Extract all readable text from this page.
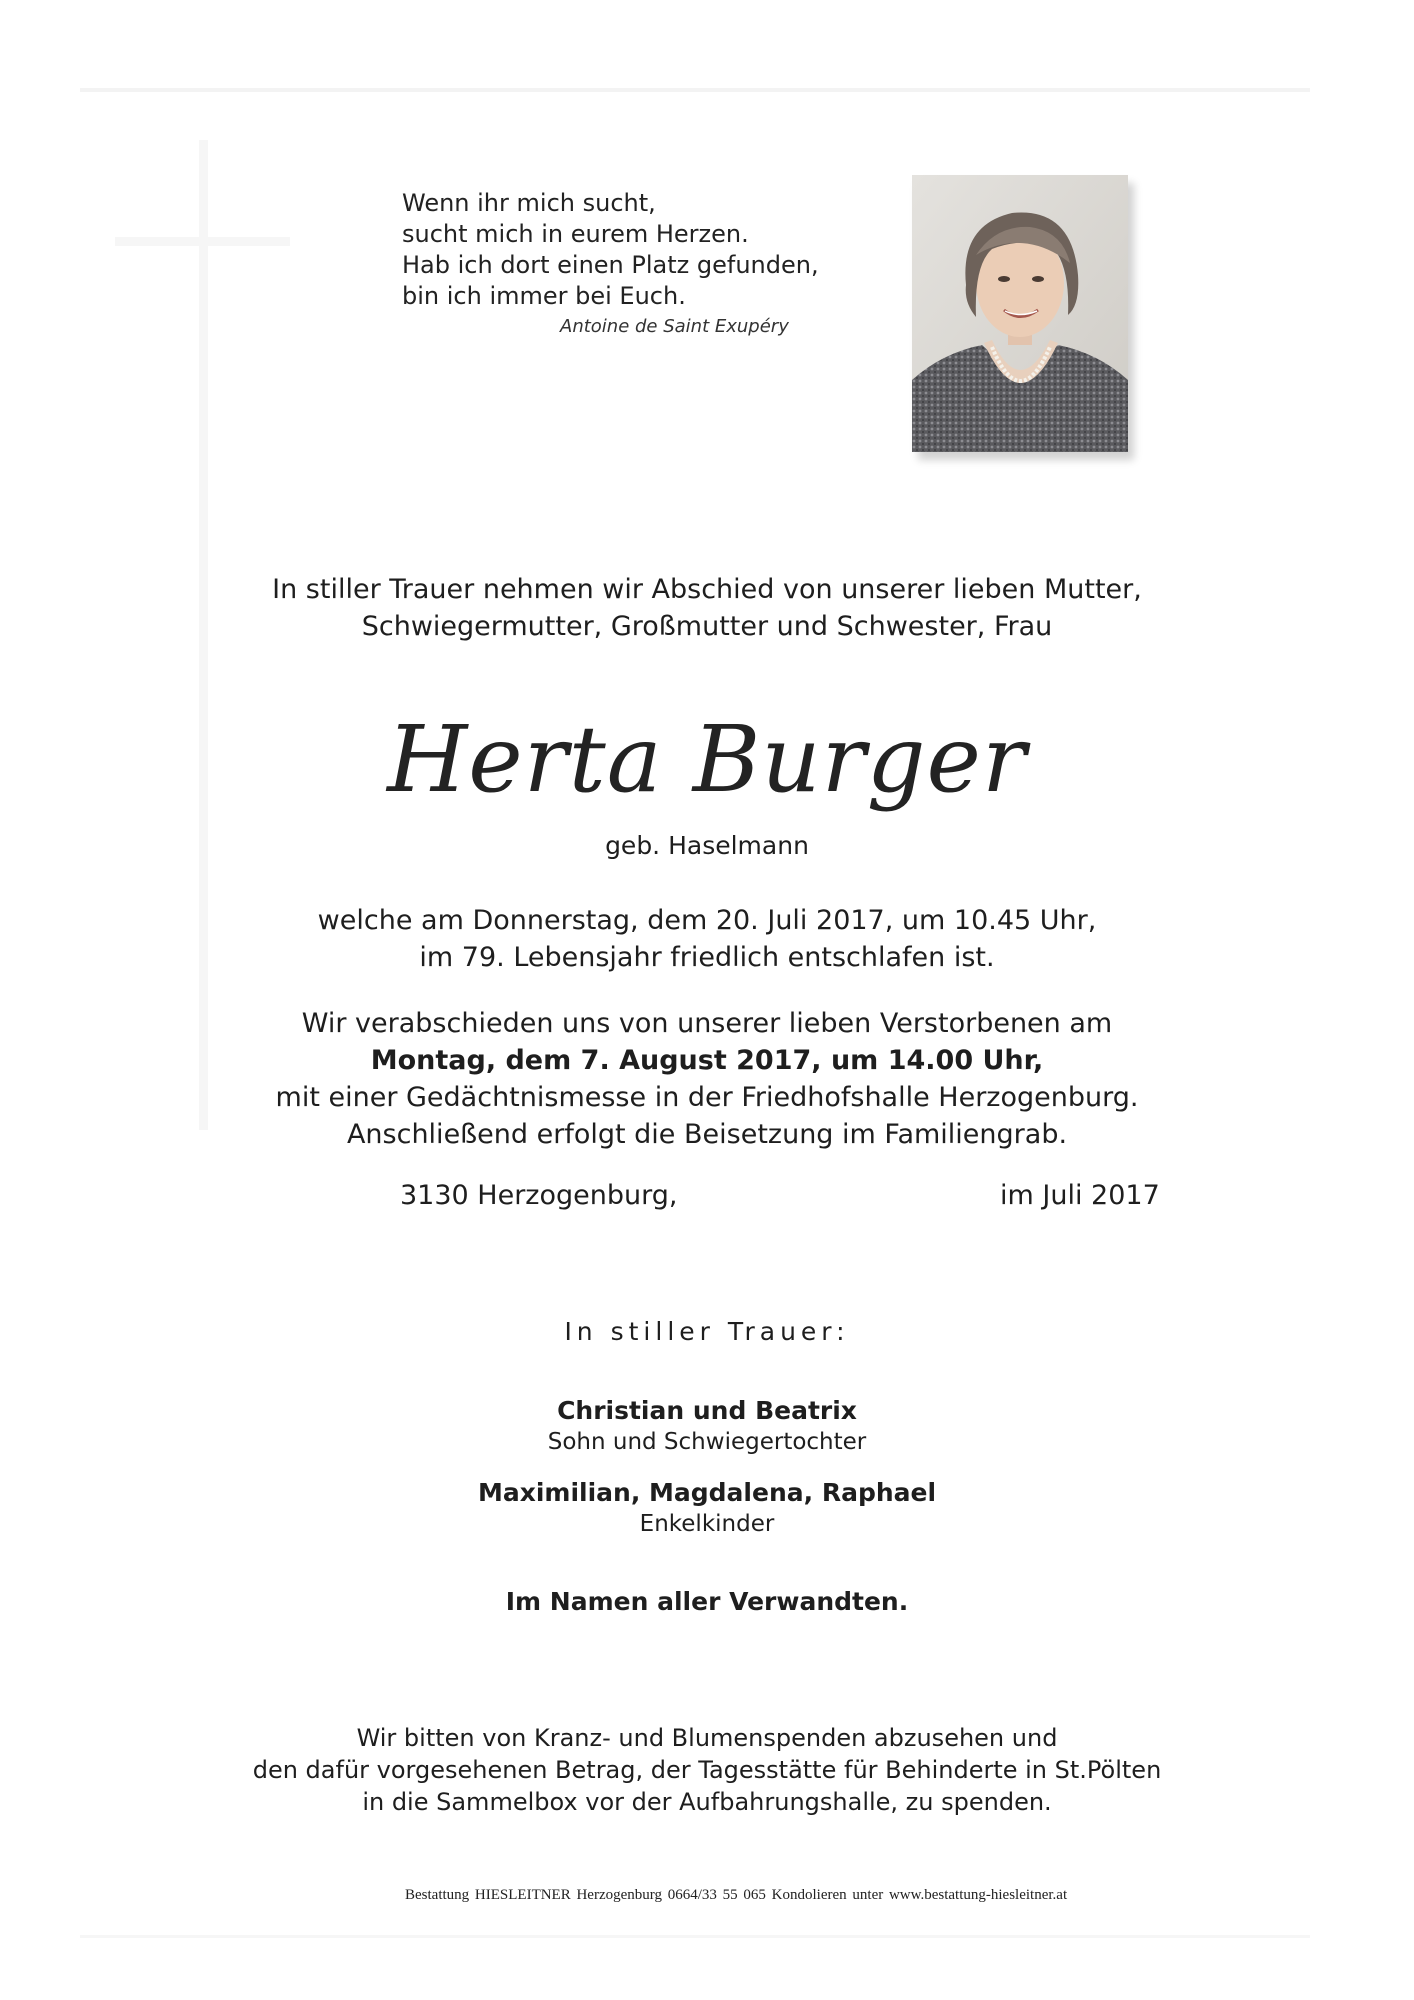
Wenn ihr mich sucht,
sucht mich in eurem Herzen.
Hab ich dort einen Platz gefunden,
bin ich immer bei Euch.
Antoine de Saint Exupéry
In stiller Trauer nehmen wir Abschied von unserer lieben Mutter,
Schwiegermutter, Großmutter und Schwester, Frau
Herta Burger
geb. Haselmann
welche am Donnerstag, dem 20. Juli 2017, um 10.45 Uhr,
im 79. Lebensjahr friedlich entschlafen ist.
Wir verabschieden uns von unserer lieben Verstorbenen am
Montag, dem 7. August 2017, um 14.00 Uhr,
mit einer Gedächtnismesse in der Friedhofshalle Herzogenburg.
Anschließend erfolgt die Beisetzung im Familiengrab.
3130 Herzogenburg,	im Juli 2017
In stiller Trauer:
Christian und Beatrix
Sohn und Schwiegertochter
Maximilian, Magdalena, Raphael
Enkelkinder
Im Namen aller Verwandten.
Wir bitten von Kranz- und Blumenspenden abzusehen und
den dafür vorgesehenen Betrag, der Tagesstätte für Behinderte in St.Pölten
in die Sammelbox vor der Aufbahrungshalle, zu spenden.
Bestattung HIESLEITNER Herzogenburg 0664/33 55 065 Kondolieren unter www.bestattung-hiesleitner.at
